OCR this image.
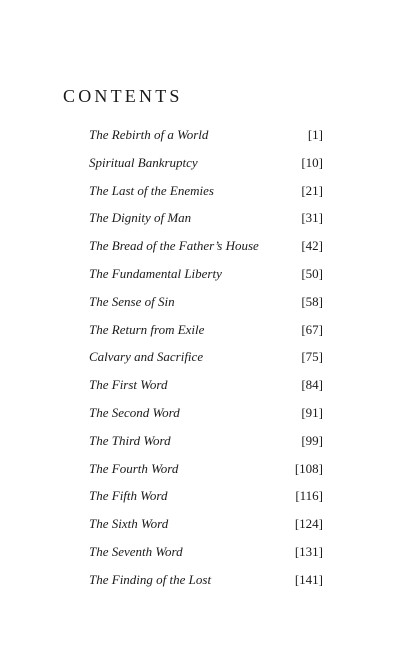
CONTENTS
The Rebirth of a World	[1]
Spiritual Bankruptcy	[10]
The Last of the Enemies	[21]
The Dignity of Man	[31]
The Bread of the Father’s House	[42]
The Fundamental Liberty	[50]
The Sense of Sin	[58]
The Return from Exile	[67]
Calvary and Sacrifice	[75]
The First Word	[84]
The Second Word	[91]
The Third Word	[99]
The Fourth Word	[108]
The Fifth Word	[116]
The Sixth Word	[124]
The Seventh Word	[131]
The Finding of the Lost	[141]
